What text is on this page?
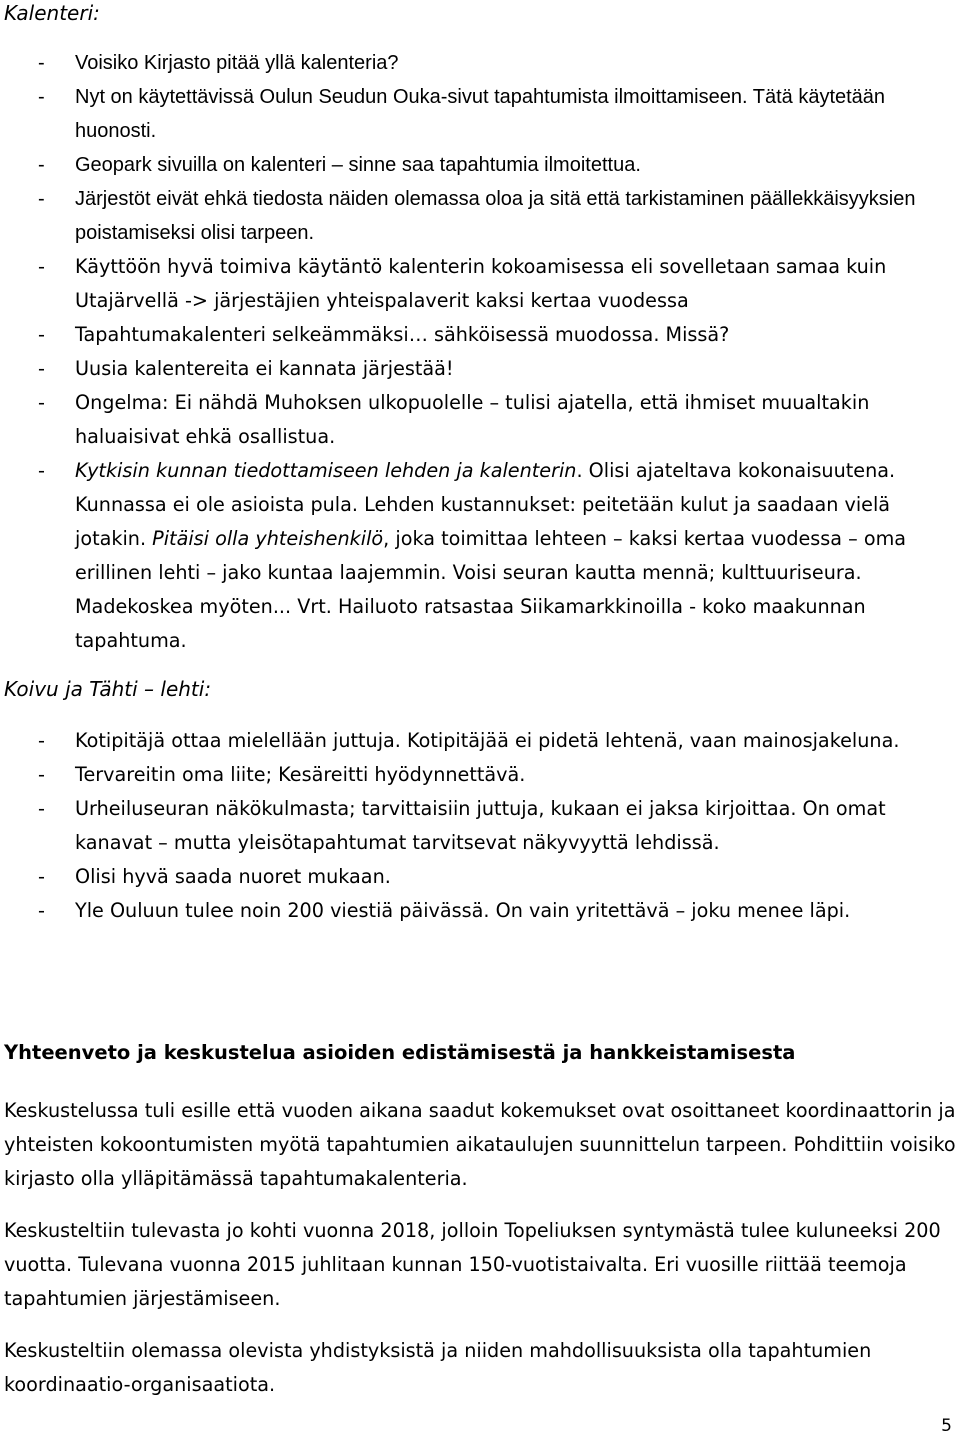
Kalenteri:
- Voisiko Kirjasto pitää yllä kalenteria?
- Nyt on käytettävissä Oulun Seudun Ouka-sivut tapahtumista ilmoittamiseen. Tätä käytetään huonosti.
- Geopark sivuilla on kalenteri – sinne saa tapahtumia ilmoitettua.
- Järjestöt eivät ehkä tiedosta näiden olemassa oloa ja sitä että tarkistaminen päällekkäisyyksien poistamiseksi olisi tarpeen.
- Käyttöön hyvä toimiva käytäntö kalenterin kokoamisessa eli sovelletaan samaa kuin Utajärvellä -> järjestäjien yhteispalaverit kaksi kertaa vuodessa
- Tapahtumakalenteri selkeämmäksi… sähköisessä muodossa. Missä?
- Uusia kalentereita ei kannata järjestää!
- Ongelma: Ei nähdä Muhoksen ulkopuolelle – tulisi ajatella, että ihmiset muualtakin haluaisivat ehkä osallistua.
- Kytkisin kunnan tiedottamiseen lehden ja kalenterin. Olisi ajateltava kokonaisuutena. Kunnassa ei ole asioista pula. Lehden kustannukset: peitetään kulut ja saadaan vielä jotakin. Pitäisi olla yhteishenkilö, joka toimittaa lehteen – kaksi kertaa vuodessa – oma erillinen lehti – jako kuntaa laajemmin. Voisi seuran kautta mennä; kulttuuriseura. Madekoskea myöten... Vrt. Hailuoto ratsastaa Siikamarkkinoilla - koko maakunnan tapahtuma.
Koivu ja Tähti – lehti:
- Kotipitäjä ottaa mielellään juttuja. Kotipitäjää ei pidetä lehtenä, vaan mainosjakeluna.
- Tervareitin oma liite; Kesäreitti hyödynnettävä.
- Urheiluseuran näkökulmasta; tarvittaisiin juttuja, kukaan ei jaksa kirjoittaa. On omat kanavat – mutta yleisötapahtumat tarvitsevat näkyvyyttä lehdissä.
- Olisi hyvä saada nuoret mukaan.
- Yle Ouluun tulee noin 200 viestiä päivässä. On vain yritettävä – joku menee läpi.
Yhteenveto ja keskustelua asioiden edistämisestä ja hankkeistamisesta

Keskustelussa tuli esille että vuoden aikana saadut kokemukset ovat osoittaneet koordinaattorin ja yhteisten kokoontumisten myötä tapahtumien aikataulujen suunnittelun tarpeen. Pohdittiin voisiko kirjasto olla ylläpitämässä tapahtumakalenteria.

Keskusteltiin tulevasta jo kohti vuonna 2018, jolloin Topeliuksen syntymästä tulee kuluneeksi 200 vuotta. Tulevana vuonna 2015 juhlitaan kunnan 150-vuotistaivalta. Eri vuosille riittää teemoja tapahtumien järjestämiseen.

Keskusteltiin olemassa olevista yhdistyksistä ja niiden mahdollisuuksista olla tapahtumien koordinaatio-organisaatiota.

5
